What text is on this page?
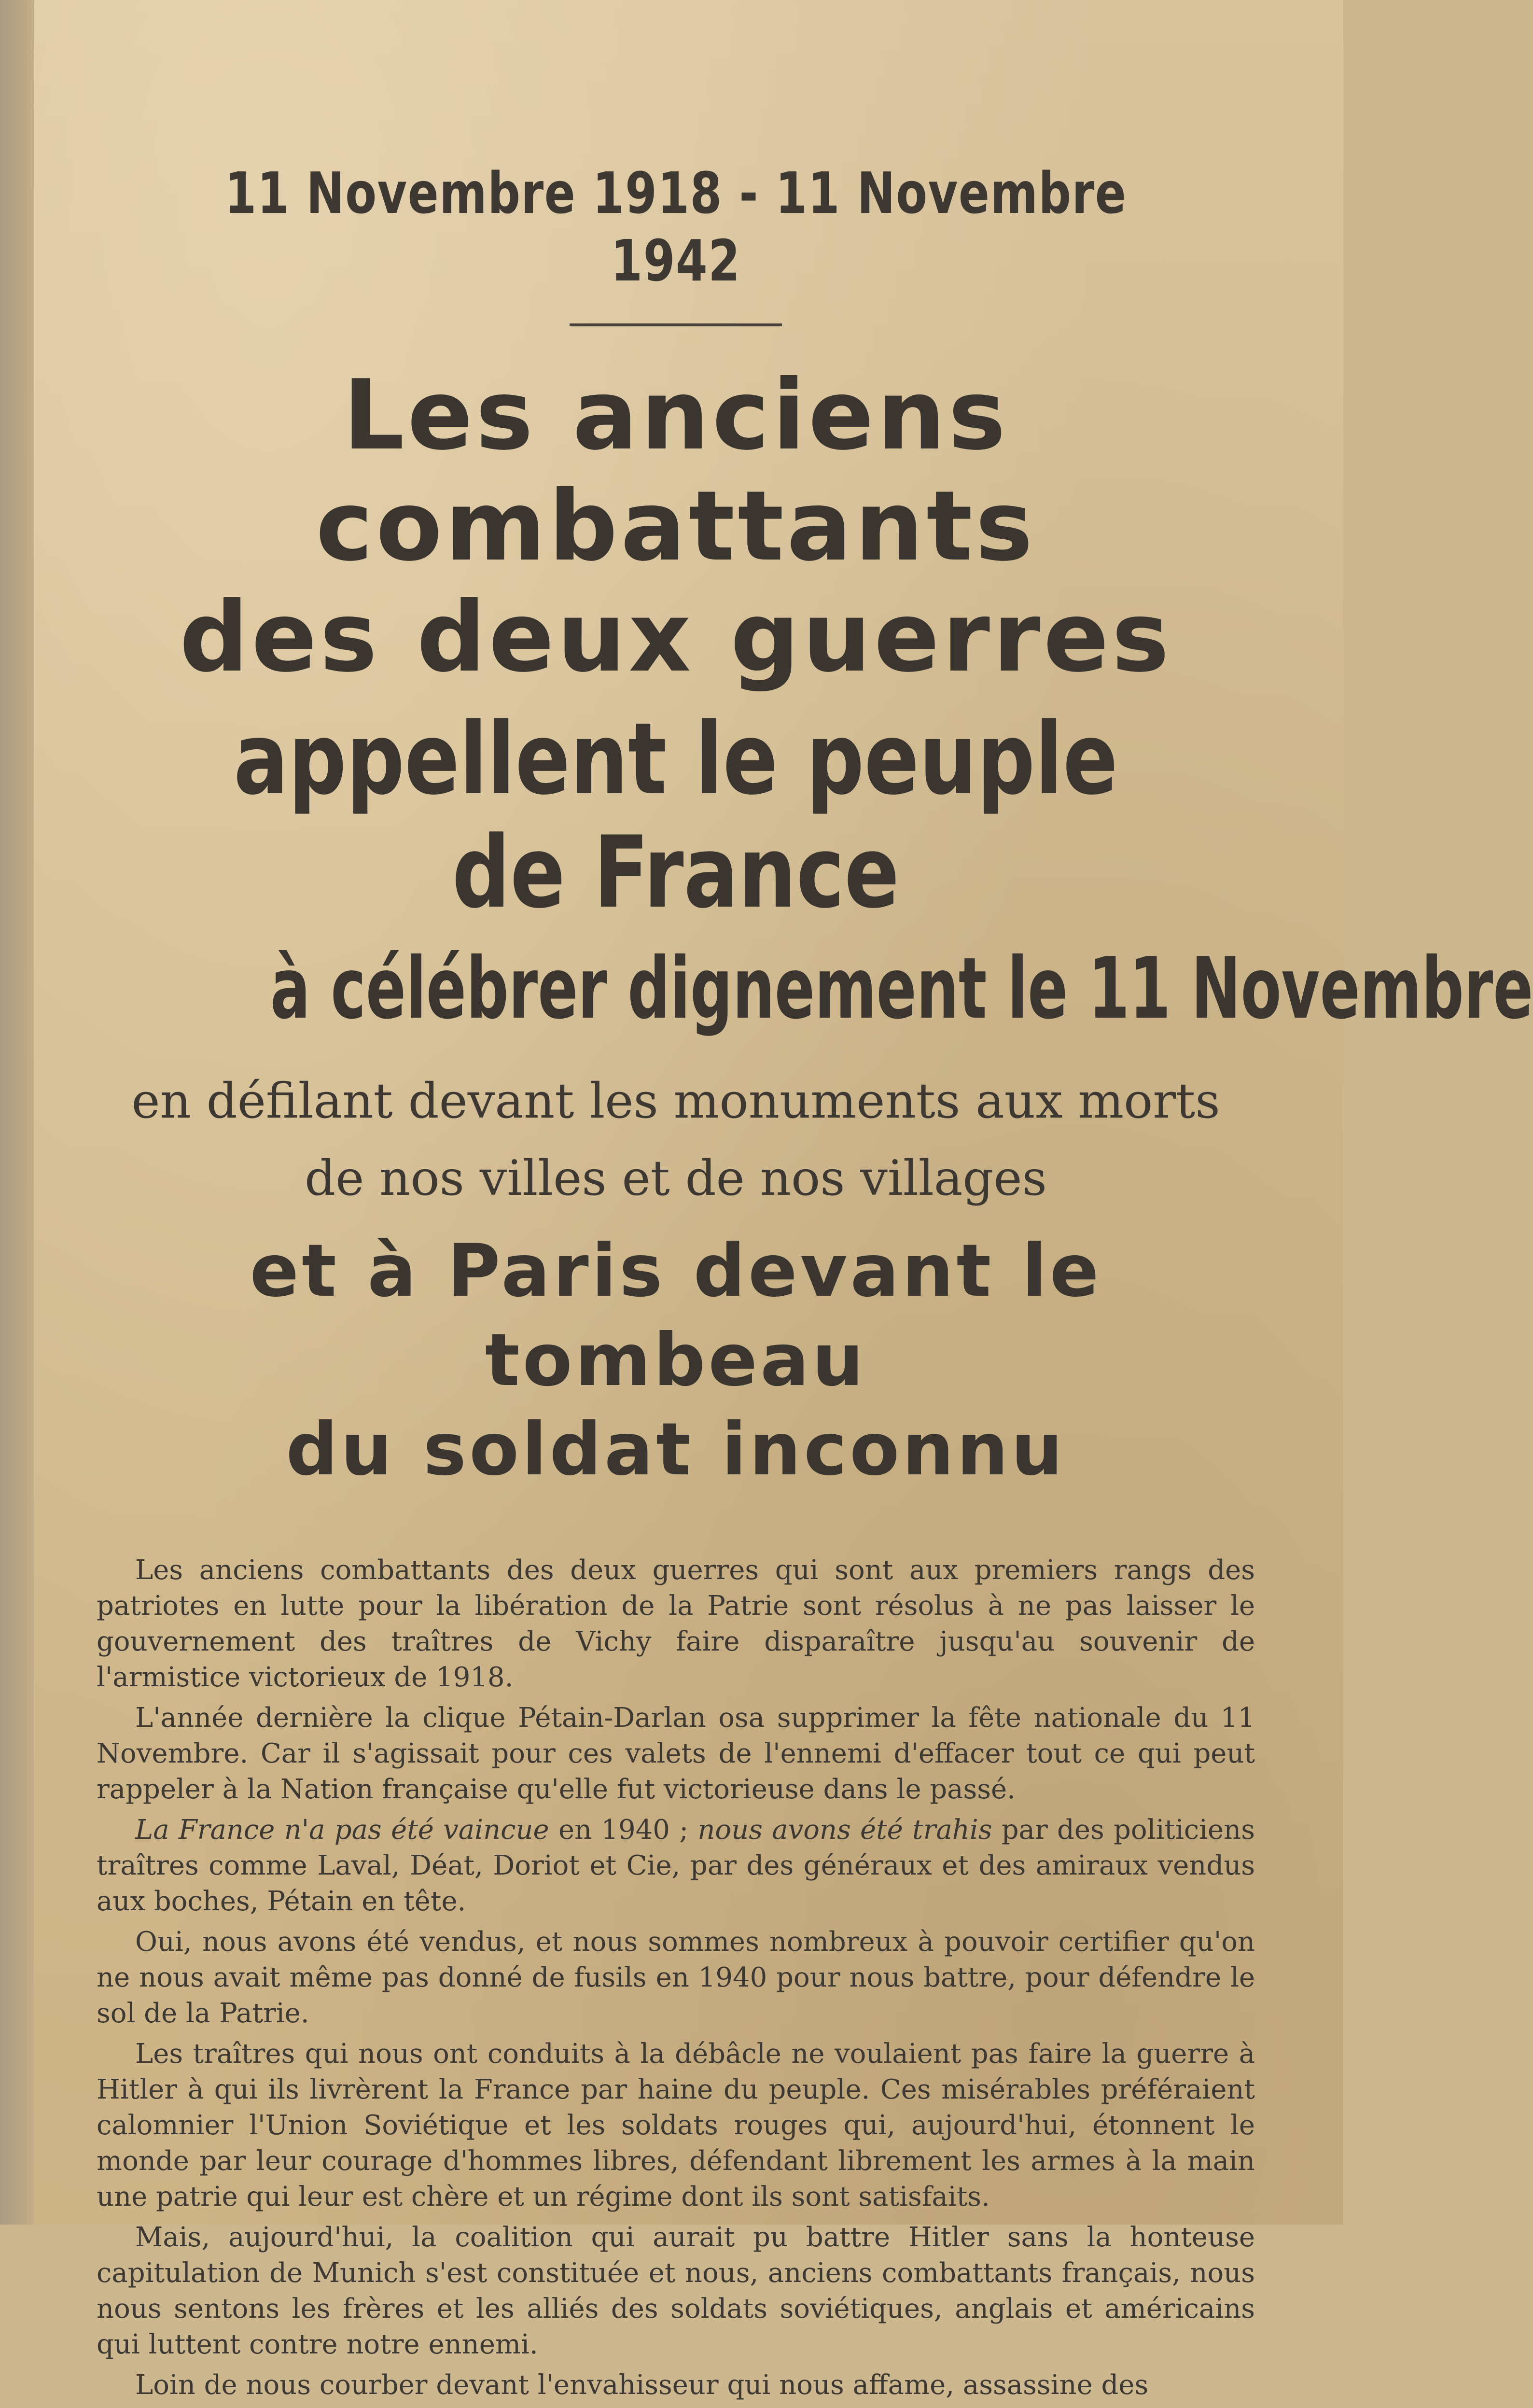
11 Novembre 1918 - 11 Novembre 1942

Les anciens combattants

des deux guerres

appellent le peuple de France

à célébrer dignement le 11 Novembre

en défilant devant les monuments aux morts

de nos villes et de nos villages

et à Paris devant le tombeau

du soldat inconnu

Les anciens combattants des deux guerres qui sont aux premiers rangs des patriotes en lutte pour la libération de la Patrie sont résolus à ne pas laisser le gouvernement des traîtres de Vichy faire disparaître jusqu'au souvenir de l'armistice victorieux de 1918.

L'année dernière la clique Pétain-Darlan osa supprimer la fête nationale du 11 Novembre. Car il s'agissait pour ces valets de l'ennemi d'effacer tout ce qui peut rappeler à la Nation française qu'elle fut victorieuse dans le passé.

La France n'a pas été vaincue en 1940 ; nous avons été trahis par des politiciens traîtres comme Laval, Déat, Doriot et Cie, par des généraux et des amiraux vendus aux boches, Pétain en tête.

Oui, nous avons été vendus, et nous sommes nombreux à pouvoir certifier qu'on ne nous avait même pas donné de fusils en 1940 pour nous battre, pour défendre le sol de la Patrie.

Les traîtres qui nous ont conduits à la débâcle ne voulaient pas faire la guerre à Hitler à qui ils livrèrent la France par haine du peuple. Ces misérables préféraient calomnier l'Union Soviétique et les soldats rouges qui, aujourd'hui, étonnent le monde par leur courage d'hommes libres, défendant librement les armes à la main une patrie qui leur est chère et un régime dont ils sont satisfaits.

Mais, aujourd'hui, la coalition qui aurait pu battre Hitler sans la honteuse capitulation de Munich s'est constituée et nous, anciens combattants français, nous nous sentons les frères et les alliés des soldats soviétiques, anglais et américains qui luttent contre notre ennemi.

Loin de nous courber devant l'envahisseur qui nous affame, assassine des
